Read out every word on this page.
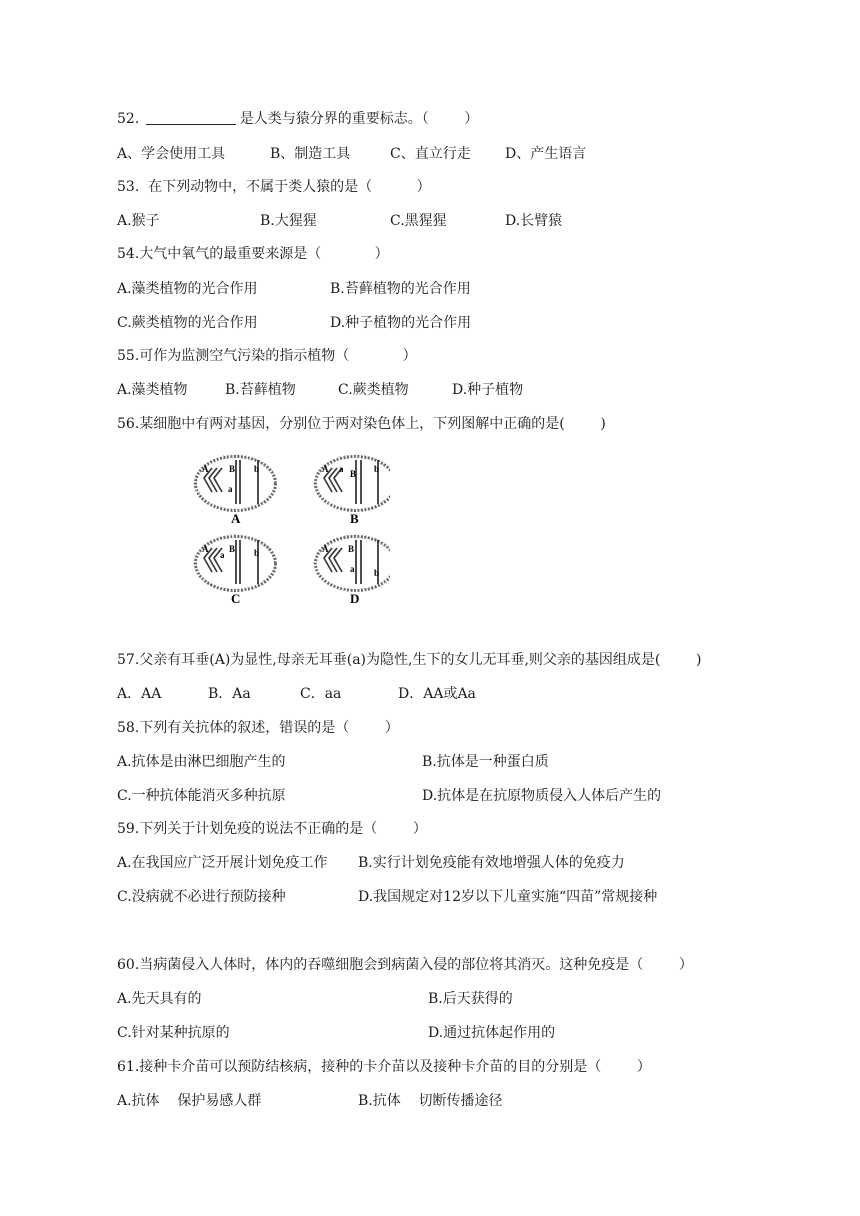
52.	是人类与猿分界的重要标志。（        ）
A、学会使用工具	B、制造工具	C、直立行走 D、产生语言
53.  在下列动物中，不属于类人猿的是（          ）
A.猴子	B.大猩猩	C.黑猩猩	D.长臂猿
54.大气中氧气的最重要来源是（            ）
A.藻类植物的光合作用	B.苔藓植物的光合作用
C.蕨类植物的光合作用	D.种子植物的光合作用
55.可作为监测空气污染的指示植物（            ）
A.藻类植物	B.苔藓植物	C.蕨类植物	D.种子植物
56.某细胞中有两对基因，分别位于两对染色体上，下列图解中正确的是(        )
A B
a
b
A
A B
a	b
B
A B
a	b
C
A B
a b
D
57.父亲有耳垂(A)为显性,母亲无耳垂(a)为隐性,生下的女儿无耳垂,则父亲的基因组成是(        )
A．AA	B．Aa	C．aa	D．AA或Aa
58.下列有关抗体的叙述，错误的是（        ）
A.抗体是由淋巴细胞产生的	B.抗体是一种蛋白质
C.一种抗体能消灭多种抗原	D.抗体是在抗原物质侵入人体后产生的
59.下列关于计划免疫的说法不正确的是（        ）
A.在我国应广泛开展计划免疫工作 B.实行计划免疫能有效地增强人体的免疫力
C.没病就不必进行预防接种	D.我国规定对12岁以下儿童实施“四苗”常规接种
60.当病菌侵入人体时，体内的吞噬细胞会到病菌入侵的部位将其消灭。这种免疫是（        ）
A.先天具有的	B.后天获得的
C.针对某种抗原的	D.通过抗体起作用的
61.接种卡介苗可以预防结核病，接种的卡介苗以及接种卡介苗的目的分别是（        ）
A.抗体    保护易感人群	B.抗体    切断传播途径
